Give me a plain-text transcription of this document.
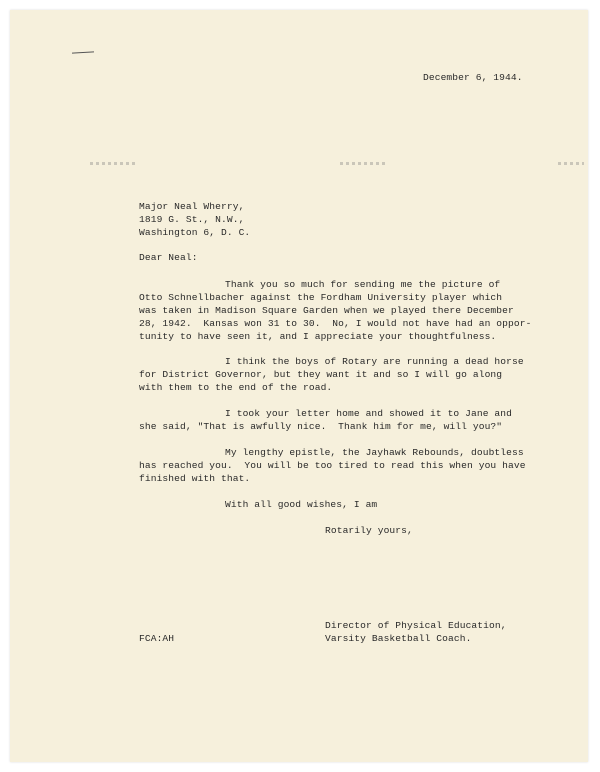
December 6, 1944.
Major Neal Wherry,
1819 G. St., N.W.,
Washington 6, D. C.
Dear Neal:
Thank you so much for sending me the picture of
Otto Schnellbacher against the Fordham University player which
was taken in Madison Square Garden when we played there December
28, 1942.  Kansas won 31 to 30.  No, I would not have had an oppor-
tunity to have seen it, and I appreciate your thoughtfulness.
I think the boys of Rotary are running a dead horse
for District Governor, but they want it and so I will go along
with them to the end of the road.
I took your letter home and showed it to Jane and
she said, "That is awfully nice.  Thank him for me, will you?"
My lengthy epistle, the Jayhawk Rebounds, doubtless
has reached you.  You will be too tired to read this when you have
finished with that.
With all good wishes, I am
Rotarily yours,
Director of Physical Education,
FCA:AH	Varsity Basketball Coach.
